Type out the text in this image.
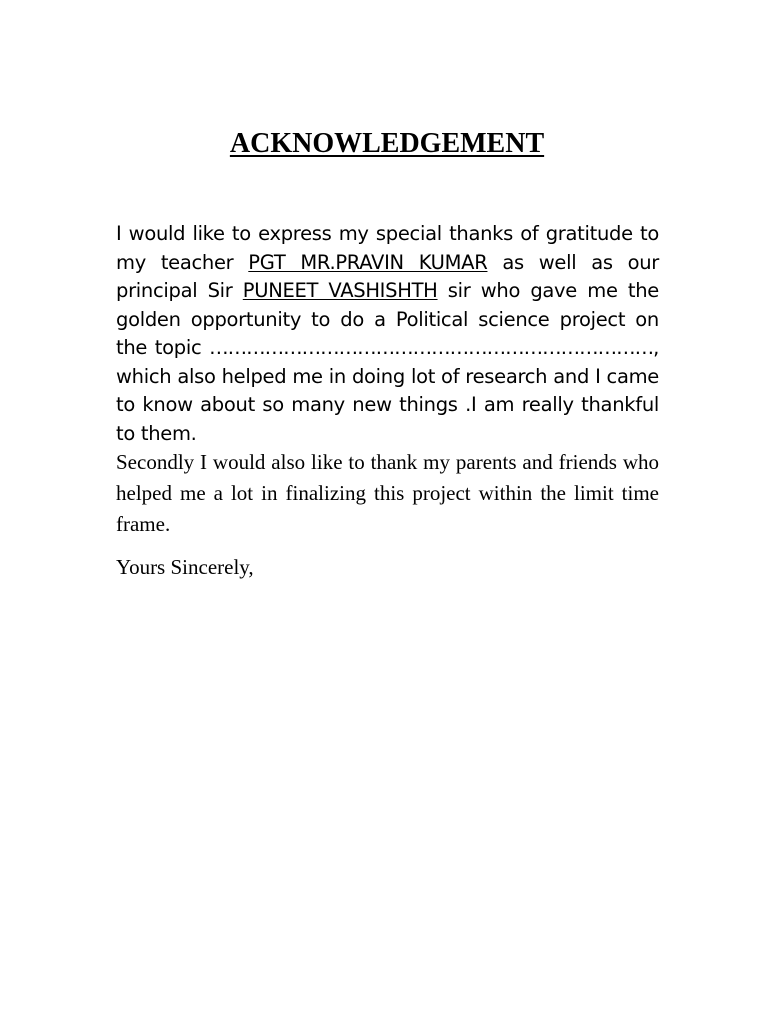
ACKNOWLEDGEMENT

I would like to express my special thanks of gratitude to my teacher PGT MR.PRAVIN KUMAR as well as our principal Sir PUNEET VASHISHTH sir who gave me the golden opportunity to do a Political science project on the topic ………………………………………………………………, which also helped me in doing lot of research and I came to know about so many new things .I am really thankful to them.

Secondly I would also like to thank my parents and friends who helped me a lot in finalizing this project within the limit time frame.

Yours Sincerely,
